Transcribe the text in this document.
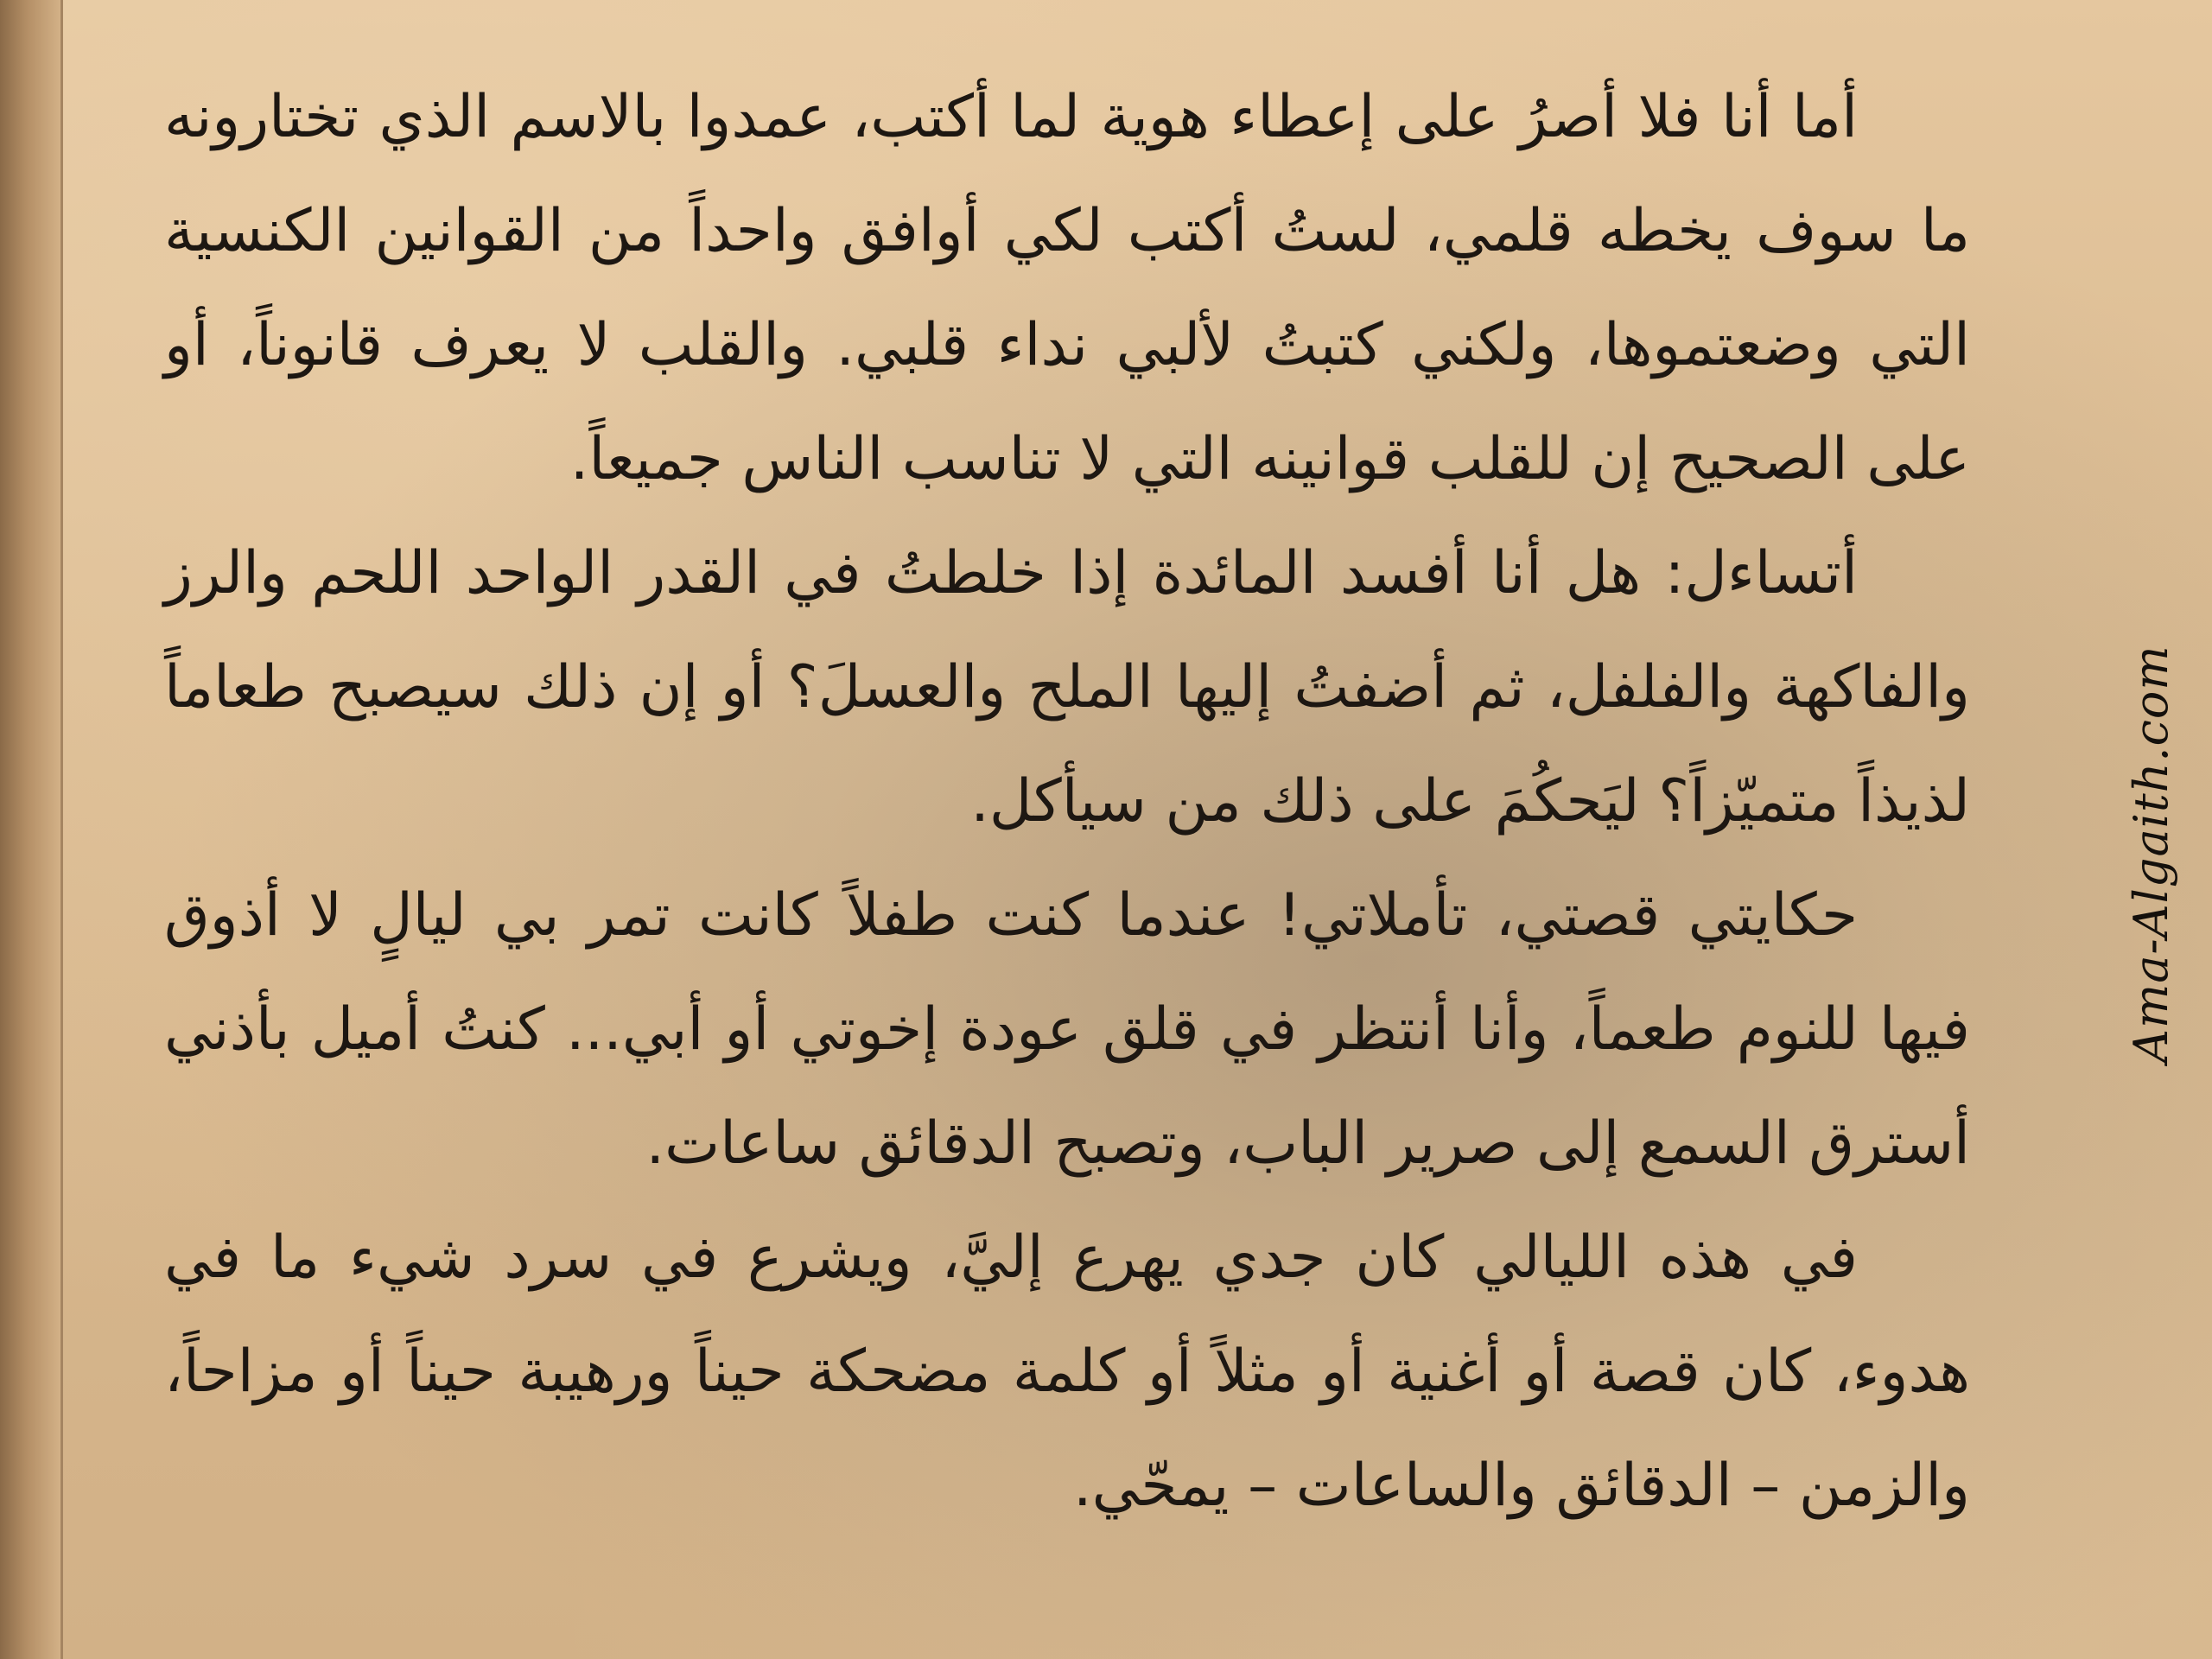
أما أنا فلا أصرُ على إعطاء هوية لما أكتب، عمدوا بالاسم الذي تختارونه ما سوف يخطه قلمي، لستُ أكتب لكي أوافق واحداً من القوانين الكنسية التي وضعتموها، ولكني كتبتُ لألبي نداء قلبي. والقلب لا يعرف قانوناً، أو على الصحيح إن للقلب قوانينه التي لا تناسب الناس جميعاً.

أتساءل: هل أنا أفسد المائدة إذا خلطتُ في القدر الواحد اللحم والرز والفاكهة والفلفل، ثم أضفتُ إليها الملح والعسلَ؟ أو إن ذلك سيصبح طعاماً لذيذاً متميّزاً؟ ليَحكُمَ على ذلك من سيأكل.

حكايتي قصتي، تأملاتي! عندما كنت طفلاً كانت تمر بي ليالٍ لا أذوق فيها للنوم طعماً، وأنا أنتظر في قلق عودة إخوتي أو أبي... كنتُ أميل بأذني أسترق السمع إلى صرير الباب، وتصبح الدقائق ساعات.

في هذه الليالي كان جدي يهرع إليَّ، ويشرع في سرد شيء ما في هدوء، كان قصة أو أغنية أو مثلاً أو كلمة مضحكة حيناً ورهيبة حيناً أو مزاحاً، والزمن – الدقائق والساعات – يمحّي.

Ama-Algaith.com
